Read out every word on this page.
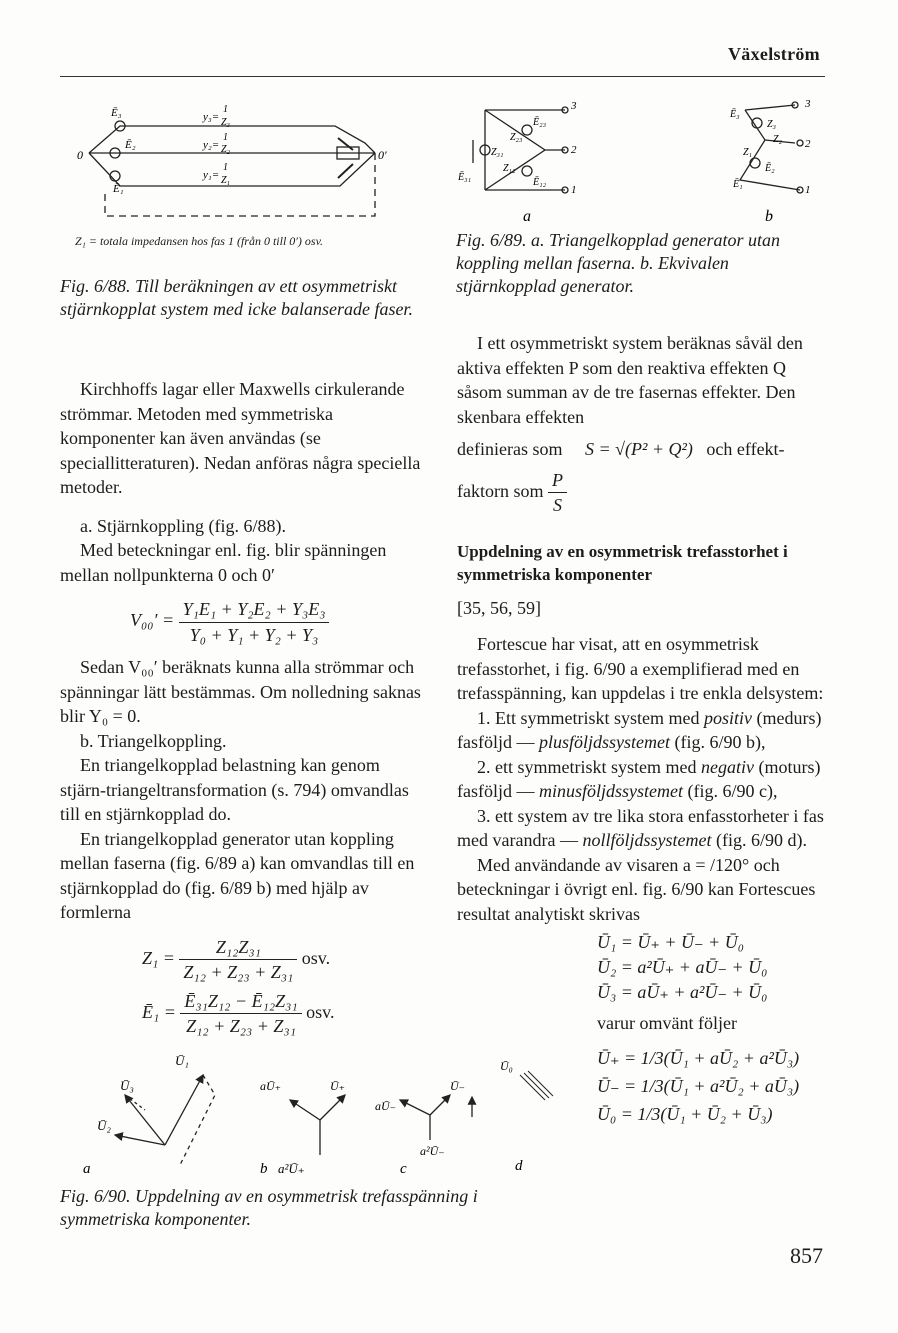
Växelström
0	0′
Ē₃
Ē₂
Ē₁
y₃=
y₂=
y₁=
1
Z₃
1
Z₂
1
Z₁
Z₁ = totala impedansen hos fas 1 (från 0 till 0′) osv.
Fig. 6/88. Till beräkningen av ett osymmetriskt stjärnkopplat system med icke balanserade faser.
3
2
1
Ē₂₃
Z₂₃
Z₃₁
Z₁₂
Ē₃₁	Ē₁₂
3
2
1
Ē₃
Z₃
Z₂
Z₁
Ē₂
Ē₁
a	b
Fig. 6/89. a. Triangelkopplad generator utan koppling mellan faserna. b. Ekvivalen stjärnkopplad generator.

Kirchhoffs lagar eller Maxwells cirkulerande strömmar. Metoden med symmetriska komponenter kan även användas (se speciallitteraturen). Nedan anföras några speciella metoder.

a. Stjärnkoppling (fig. 6/88).

Med beteckningar enl. fig. blir spänningen mellan nollpunkterna 0 och 0′

$V_{00}' = \frac{\text{Y₁E₁ + Y₂E₂ + Y₃E₃}}{\text{Y₀ + Y₁ + Y₂ + Y₃}}$

Sedan V₀₀′ beräknats kunna alla strömmar och spänningar lätt bestämmas. Om nolledning saknas blir Y₀ = 0.

b. Triangelkoppling.

En triangelkopplad belastning kan genom stjärn-triangeltransformation (s. 794) omvandlas till en stjärnkopplad do.

En triangelkopplad generator utan koppling mellan faserna (fig. 6/89 a) kan omvandlas till en stjärnkopplad do (fig. 6/89 b) med hjälp av formlerna

$Z_1 = \frac{\text{Z₁₂Z₃₁}}{\text{Z₁₂ + Z₂₃ + Z₃₁}}$ osv.
Ē₁ = $\frac{\text{Ē₃₁Z₁₂ − Ē₁₂Z₃₁}}{\text{Z₁₂ + Z₂₃ + Z₃₁}}$ osv.

I ett osymmetriskt system beräknas såväl den aktiva effekten P som den reaktiva effekten Q såsom summan av de tre fasernas effekter. Den skenbara effekten

definieras som S = √(P² + Q²) och effekt-
faktorn som $\frac{P}{S}$

Uppdelning av en osymmetrisk trefasstorhet i symmetriska komponenter

[35, 56, 59]

Fortescue har visat, att en osymmetrisk trefasstorhet, i fig. 6/90 a exemplifierad med en trefasspänning, kan uppdelas i tre enkla delsystem:

1. Ett symmetriskt system med positiv (medurs) fasföljd — plusföljdssystemet (fig. 6/90 b),

2. ett symmetriskt system med negativ (moturs) fasföljd — minusföljdssystemet (fig. 6/90 c),

3. ett system av tre lika stora enfasstorheter i fas med varandra — nollföljdssystemet (fig. 6/90 d).

Med användande av visaren a = /120° och beteckningar i övrigt enl. fig. 6/90 kan Fortescues resultat analytiskt skrivas

Ū₁ = Ū₊ + Ū₋ + Ū₀
Ū₂ = a²Ū₊ + aŪ₋ + Ū₀
Ū₃ = aŪ₊ + a²Ū₋ + Ū₀

varur omvänt följer

Ū₊ = 1/3(Ū₁ + aŪ₂ + a²Ū₃)
Ū₋ = 1/3(Ū₁ + a²Ū₂ + aŪ₃)
Ū₀ = 1/3(Ū₁ + Ū₂ + Ū₃)
Ū₁
Ū₃
Ū₂
aŪ₊	Ū₊
aŪ₋
Ū₋
a²Ū₋
Ū₀
a	b a²Ū₊	c	d
Fig. 6/90. Uppdelning av en osymmetrisk trefasspänning i symmetriska komponenter.
857
